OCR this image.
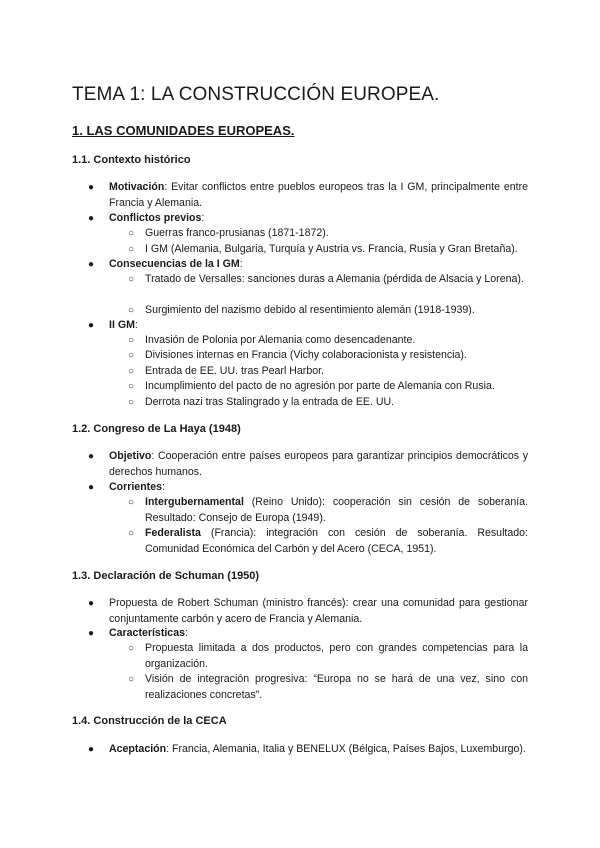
TEMA 1: LA CONSTRUCCIÓN EUROPEA.
1. LAS COMUNIDADES EUROPEAS.
1.1. Contexto histórico
●	Motivación: Evitar conflictos entre pueblos europeos tras la I GM, principalmente entre Francia y Alemania.
●	Conflictos previos:
○	Guerras franco-prusianas (1871-1872).
○	I GM (Alemania, Bulgaria, Turquía y Austria vs. Francia, Rusia y Gran Bretaña).
●	Consecuencias de la I GM:
○	Tratado de Versalles: sanciones duras a Alemania (pérdida de Alsacia y Lorena).
○	Surgimiento del nazismo debido al resentimiento alemán (1918-1939).
●	II GM:
○	Invasión de Polonia por Alemania como desencadenante.
○	Divisiones internas en Francia (Vichy colaboracionista y resistencia).
○	Entrada de EE. UU. tras Pearl Harbor.
○	Incumplimiento del pacto de no agresión por parte de Alemania con Rusia.
○	Derrota nazi tras Stalingrado y la entrada de EE. UU.
1.2. Congreso de La Haya (1948)
●	Objetivo: Cooperación entre países europeos para garantizar principios democráticos y derechos humanos.
●	Corrientes:
○	Intergubernamental (Reino Unido): cooperación sin cesión de soberanía. Resultado: Consejo de Europa (1949).
○	Federalista (Francia): integración con cesión de soberanía. Resultado: Comunidad Económica del Carbón y del Acero (CECA, 1951).
1.3. Declaración de Schuman (1950)
●	Propuesta de Robert Schuman (ministro francés): crear una comunidad para gestionar conjuntamente carbón y acero de Francia y Alemania.
●	Características:
○	Propuesta limitada a dos productos, pero con grandes competencias para la organización.
○	Visión de integración progresiva: “Europa no se hará de una vez, sino con realizaciones concretas”.
1.4. Construcción de la CECA
●	Aceptación: Francia, Alemania, Italia y BENELUX (Bélgica, Países Bajos, Luxemburgo).
